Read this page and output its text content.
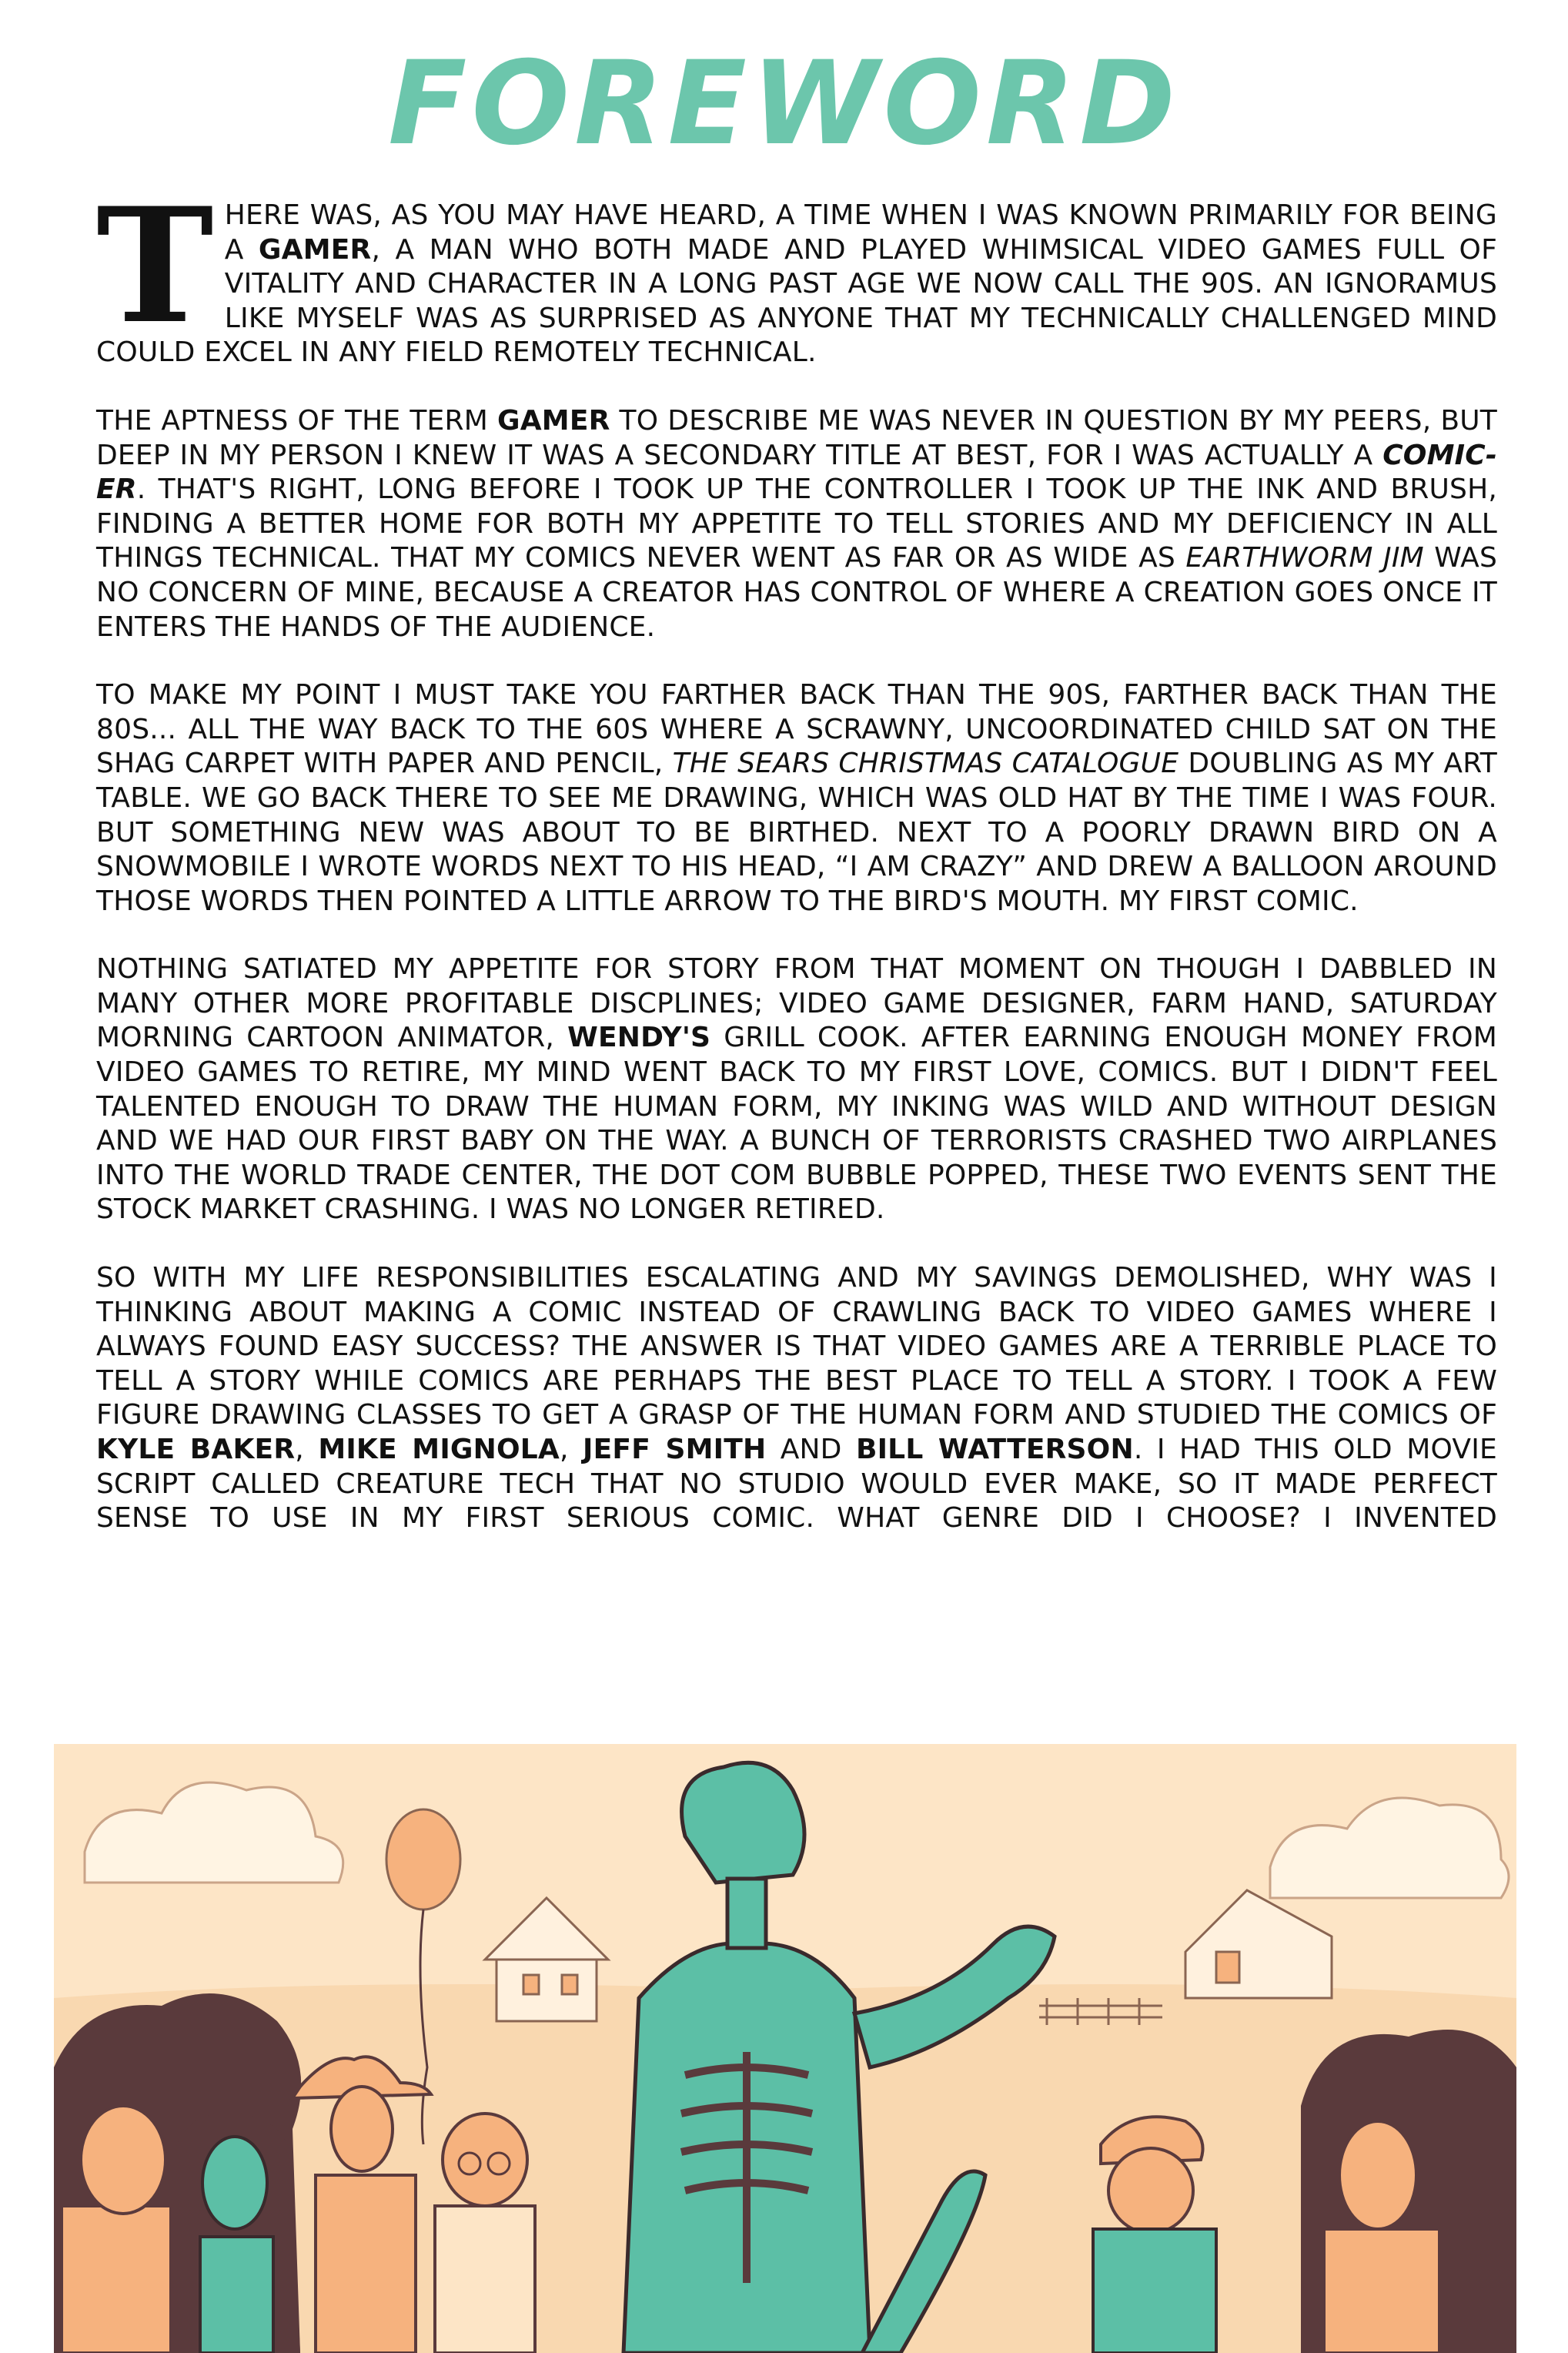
FOREWORD

THERE WAS, AS YOU MAY HAVE HEARD, A TIME WHEN I WAS KNOWN PRIMARILY FOR BEING A GAMER, A MAN WHO BOTH MADE AND PLAYED WHIMSICAL VIDEO GAMES FULL OF VITALITY AND CHARACTER IN A LONG PAST AGE WE NOW CALL THE 90S. AN IGNORAMUS LIKE MYSELF WAS AS SURPRISED AS ANYONE THAT MY TECHNICALLY CHALLENGED MIND COULD EXCEL IN ANY FIELD REMOTELY TECHNICAL.

THE APTNESS OF THE TERM GAMER TO DESCRIBE ME WAS NEVER IN QUESTION BY MY PEERS, BUT DEEP IN MY PERSON I KNEW IT WAS A SECONDARY TITLE AT BEST, FOR I WAS ACTUALLY A COMIC-ER. THAT'S RIGHT, LONG BEFORE I TOOK UP THE CONTROLLER I TOOK UP THE INK AND BRUSH, FINDING A BETTER HOME FOR BOTH MY APPETITE TO TELL STORIES AND MY DEFICIENCY IN ALL THINGS TECHNICAL. THAT MY COMICS NEVER WENT AS FAR OR AS WIDE AS EARTHWORM JIM WAS NO CONCERN OF MINE, BECAUSE A CREATOR HAS CONTROL OF WHERE A CREATION GOES ONCE IT ENTERS THE HANDS OF THE AUDIENCE.

TO MAKE MY POINT I MUST TAKE YOU FARTHER BACK THAN THE 90S, FARTHER BACK THAN THE 80S... ALL THE WAY BACK TO THE 60S WHERE A SCRAWNY, UNCOORDINATED CHILD SAT ON THE SHAG CARPET WITH PAPER AND PENCIL, THE SEARS CHRISTMAS CATALOGUE DOUBLING AS MY ART TABLE. WE GO BACK THERE TO SEE ME DRAWING, WHICH WAS OLD HAT BY THE TIME I WAS FOUR. BUT SOMETHING NEW WAS ABOUT TO BE BIRTHED. NEXT TO A POORLY DRAWN BIRD ON A SNOWMOBILE I WROTE WORDS NEXT TO HIS HEAD, “I AM CRAZY” AND DREW A BALLOON AROUND THOSE WORDS THEN POINTED A LITTLE ARROW TO THE BIRD'S MOUTH. MY FIRST COMIC.

NOTHING SATIATED MY APPETITE FOR STORY FROM THAT MOMENT ON THOUGH I DABBLED IN MANY OTHER MORE PROFITABLE DISCPLINES; VIDEO GAME DESIGNER, FARM HAND, SATURDAY MORNING CARTOON ANIMATOR, WENDY'S GRILL COOK. AFTER EARNING ENOUGH MONEY FROM VIDEO GAMES TO RETIRE, MY MIND WENT BACK TO MY FIRST LOVE, COMICS. BUT I DIDN'T FEEL TALENTED ENOUGH TO DRAW THE HUMAN FORM, MY INKING WAS WILD AND WITHOUT DESIGN AND WE HAD OUR FIRST BABY ON THE WAY. A BUNCH OF TERRORISTS CRASHED TWO AIRPLANES INTO THE WORLD TRADE CENTER, THE DOT COM BUBBLE POPPED, THESE TWO EVENTS SENT THE STOCK MARKET CRASHING. I WAS NO LONGER RETIRED.

SO WITH MY LIFE RESPONSIBILITIES ESCALATING AND MY SAVINGS DEMOLISHED, WHY WAS I THINKING ABOUT MAKING A COMIC INSTEAD OF CRAWLING BACK TO VIDEO GAMES WHERE I ALWAYS FOUND EASY SUCCESS? THE ANSWER IS THAT VIDEO GAMES ARE A TERRIBLE PLACE TO TELL A STORY WHILE COMICS ARE PERHAPS THE BEST PLACE TO TELL A STORY. I TOOK A FEW FIGURE DRAWING CLASSES TO GET A GRASP OF THE HUMAN FORM AND STUDIED THE COMICS OF KYLE BAKER, MIKE MIGNOLA, JEFF SMITH AND BILL WATTERSON. I HAD THIS OLD MOVIE SCRIPT CALLED CREATURE TECH THAT NO STUDIO WOULD EVER MAKE, SO IT MADE PERFECT SENSE TO USE IN MY FIRST SERIOUS COMIC. WHAT GENRE DID I CHOOSE? I INVENTED
